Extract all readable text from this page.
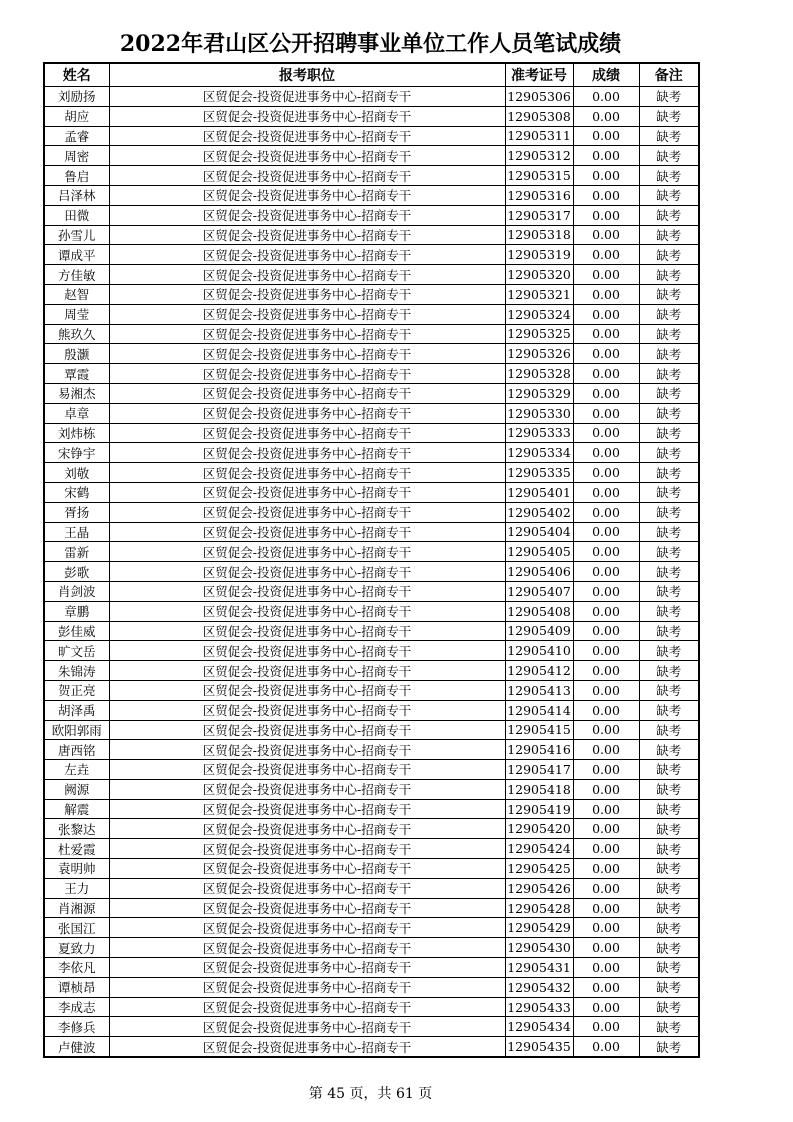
2022年君山区公开招聘事业单位工作人员笔试成绩
姓名	报考职位	准考证号	成绩	备注
刘励扬	区贸促会-投资促进事务中心-招商专干	12905306	0.00	缺考
胡应	区贸促会-投资促进事务中心-招商专干	12905308	0.00	缺考
孟睿	区贸促会-投资促进事务中心-招商专干	12905311	0.00	缺考
周密	区贸促会-投资促进事务中心-招商专干	12905312	0.00	缺考
鲁启	区贸促会-投资促进事务中心-招商专干	12905315	0.00	缺考
吕泽林	区贸促会-投资促进事务中心-招商专干	12905316	0.00	缺考
田微	区贸促会-投资促进事务中心-招商专干	12905317	0.00	缺考
孙雪儿	区贸促会-投资促进事务中心-招商专干	12905318	0.00	缺考
谭成平	区贸促会-投资促进事务中心-招商专干	12905319	0.00	缺考
方佳敏	区贸促会-投资促进事务中心-招商专干	12905320	0.00	缺考
赵智	区贸促会-投资促进事务中心-招商专干	12905321	0.00	缺考
周莹	区贸促会-投资促进事务中心-招商专干	12905324	0.00	缺考
熊玖久	区贸促会-投资促进事务中心-招商专干	12905325	0.00	缺考
殷灏	区贸促会-投资促进事务中心-招商专干	12905326	0.00	缺考
覃霞	区贸促会-投资促进事务中心-招商专干	12905328	0.00	缺考
易湘杰	区贸促会-投资促进事务中心-招商专干	12905329	0.00	缺考
卓章	区贸促会-投资促进事务中心-招商专干	12905330	0.00	缺考
刘炜栋	区贸促会-投资促进事务中心-招商专干	12905333	0.00	缺考
宋铮宇	区贸促会-投资促进事务中心-招商专干	12905334	0.00	缺考
刘敬	区贸促会-投资促进事务中心-招商专干	12905335	0.00	缺考
宋鹤	区贸促会-投资促进事务中心-招商专干	12905401	0.00	缺考
胥扬	区贸促会-投资促进事务中心-招商专干	12905402	0.00	缺考
王晶	区贸促会-投资促进事务中心-招商专干	12905404	0.00	缺考
雷新	区贸促会-投资促进事务中心-招商专干	12905405	0.00	缺考
彭歌	区贸促会-投资促进事务中心-招商专干	12905406	0.00	缺考
肖剑波	区贸促会-投资促进事务中心-招商专干	12905407	0.00	缺考
章鹏	区贸促会-投资促进事务中心-招商专干	12905408	0.00	缺考
彭佳威	区贸促会-投资促进事务中心-招商专干	12905409	0.00	缺考
旷文岳	区贸促会-投资促进事务中心-招商专干	12905410	0.00	缺考
朱锦涛	区贸促会-投资促进事务中心-招商专干	12905412	0.00	缺考
贺正亮	区贸促会-投资促进事务中心-招商专干	12905413	0.00	缺考
胡泽禹	区贸促会-投资促进事务中心-招商专干	12905414	0.00	缺考
欧阳郭雨	区贸促会-投资促进事务中心-招商专干	12905415	0.00	缺考
唐西铭	区贸促会-投资促进事务中心-招商专干	12905416	0.00	缺考
左垚	区贸促会-投资促进事务中心-招商专干	12905417	0.00	缺考
阙源	区贸促会-投资促进事务中心-招商专干	12905418	0.00	缺考
解震	区贸促会-投资促进事务中心-招商专干	12905419	0.00	缺考
张黎达	区贸促会-投资促进事务中心-招商专干	12905420	0.00	缺考
杜爱霞	区贸促会-投资促进事务中心-招商专干	12905424	0.00	缺考
袁明帅	区贸促会-投资促进事务中心-招商专干	12905425	0.00	缺考
王力	区贸促会-投资促进事务中心-招商专干	12905426	0.00	缺考
肖湘源	区贸促会-投资促进事务中心-招商专干	12905428	0.00	缺考
张国江	区贸促会-投资促进事务中心-招商专干	12905429	0.00	缺考
夏致力	区贸促会-投资促进事务中心-招商专干	12905430	0.00	缺考
李依凡	区贸促会-投资促进事务中心-招商专干	12905431	0.00	缺考
谭桢昂	区贸促会-投资促进事务中心-招商专干	12905432	0.00	缺考
李成志	区贸促会-投资促进事务中心-招商专干	12905433	0.00	缺考
李修兵	区贸促会-投资促进事务中心-招商专干	12905434	0.00	缺考
卢健波	区贸促会-投资促进事务中心-招商专干	12905435	0.00	缺考
第 45 页，共 61 页
